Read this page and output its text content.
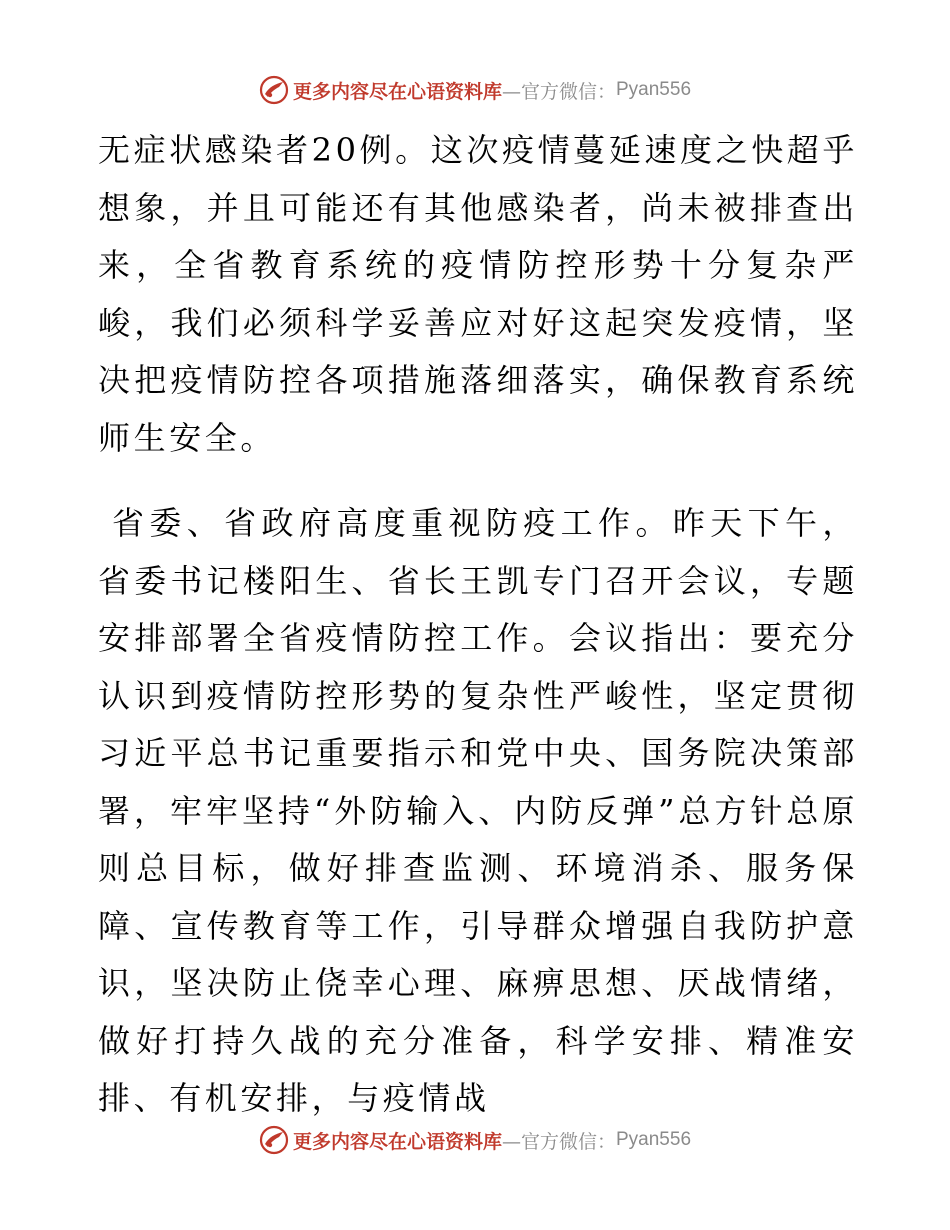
更多内容尽在心语资料库 —官方微信： Pyan556

无症状感染者20例。这次疫情蔓延速度之快超乎想象，并且可能还有其他感染者，尚未被排查出来，全省教育系统的疫情防控形势十分复杂严峻，我们必须科学妥善应对好这起突发疫情，坚决把疫情防控各项措施落细落实，确保教育系统师生安全。

省委、省政府高度重视防疫工作。昨天下午，省委书记楼阳生、省长王凯专门召开会议，专题安排部署全省疫情防控工作。会议指出：要充分认识到疫情防控形势的复杂性严峻性，坚定贯彻习近平总书记重要指示和党中央、国务院决策部署，牢牢坚持“外防输入、内防反弹”总方针总原则总目标，做好排查监测、环境消杀、服务保障、宣传教育等工作，引导群众增强自我防护意识，坚决防止侥幸心理、麻痹思想、厌战情绪，做好打持久战的充分准备，科学安排、精准安排、有机安排，与疫情战

更多内容尽在心语资料库 —官方微信： Pyan556
